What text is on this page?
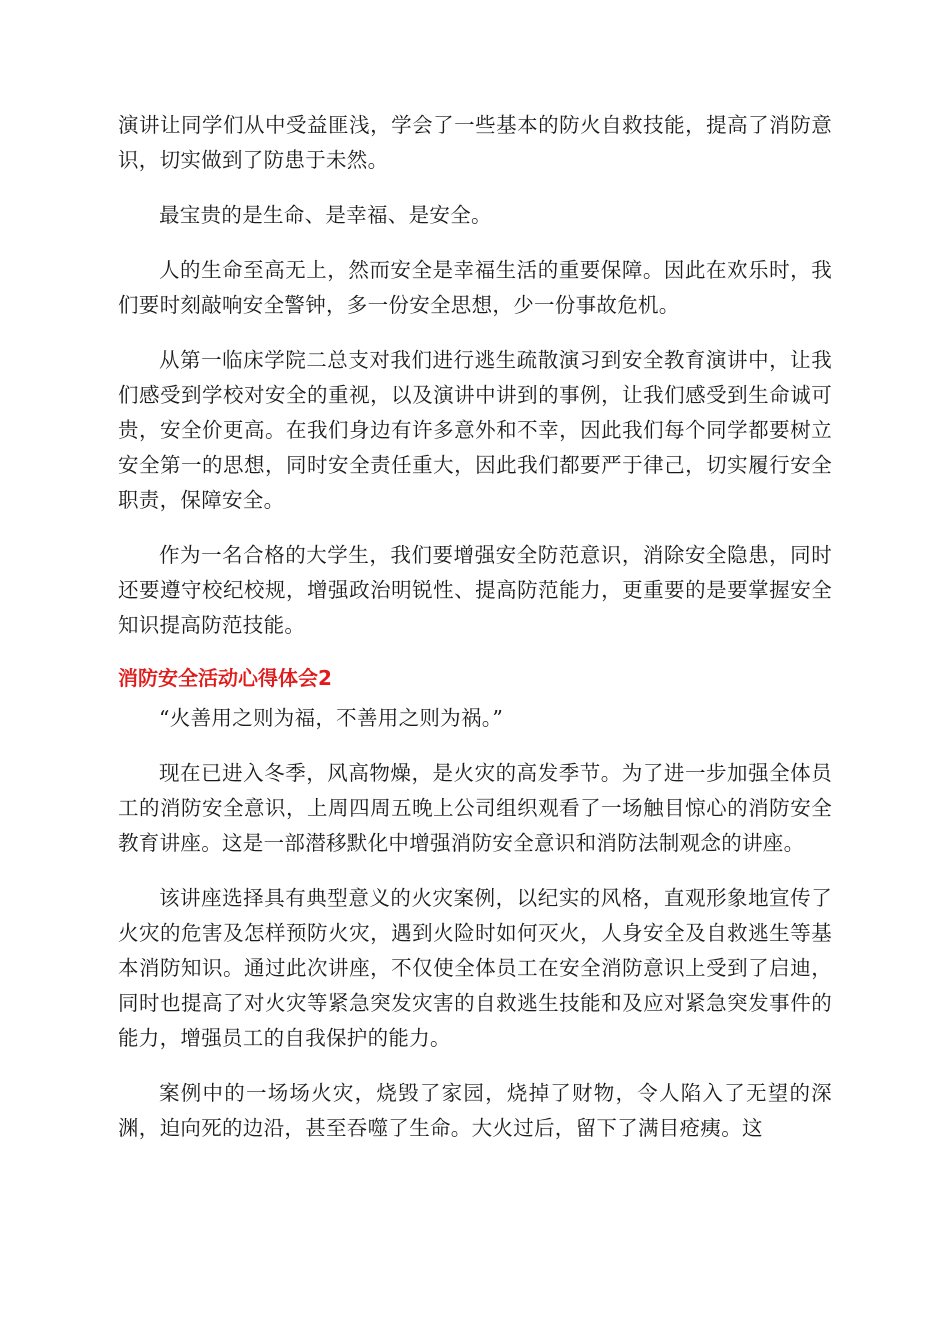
演讲让同学们从中受益匪浅，学会了一些基本的防火自救技能，提高了消防意识，切实做到了防患于未然。

最宝贵的是生命、是幸福、是安全。

人的生命至高无上，然而安全是幸福生活的重要保障。因此在欢乐时，我们要时刻敲响安全警钟，多一份安全思想，少一份事故危机。

从第一临床学院二总支对我们进行逃生疏散演习到安全教育演讲中，让我们感受到学校对安全的重视，以及演讲中讲到的事例，让我们感受到生命诚可贵，安全价更高。在我们身边有许多意外和不幸，因此我们每个同学都要树立安全第一的思想，同时安全责任重大，因此我们都要严于律己，切实履行安全职责，保障安全。

作为一名合格的大学生，我们要增强安全防范意识，消除安全隐患，同时还要遵守校纪校规，增强政治明锐性、提高防范能力，更重要的是要掌握安全知识提高防范技能。

消防安全活动心得体会2

“火善用之则为福，不善用之则为祸。”

现在已进入冬季，风高物燥，是火灾的高发季节。为了进一步加强全体员工的消防安全意识，上周四周五晚上公司组织观看了一场触目惊心的消防安全教育讲座。这是一部潜移默化中增强消防安全意识和消防法制观念的讲座。

该讲座选择具有典型意义的火灾案例，以纪实的风格，直观形象地宣传了火灾的危害及怎样预防火灾，遇到火险时如何灭火，人身安全及自救逃生等基本消防知识。通过此次讲座，不仅使全体员工在安全消防意识上受到了启迪，同时也提高了对火灾等紧急突发灾害的自救逃生技能和及应对紧急突发事件的能力，增强员工的自我保护的能力。

案例中的一场场火灾，烧毁了家园，烧掉了财物，令人陷入了无望的深渊，迫向死的边沿，甚至吞噬了生命。大火过后，留下了满目疮痍。这
